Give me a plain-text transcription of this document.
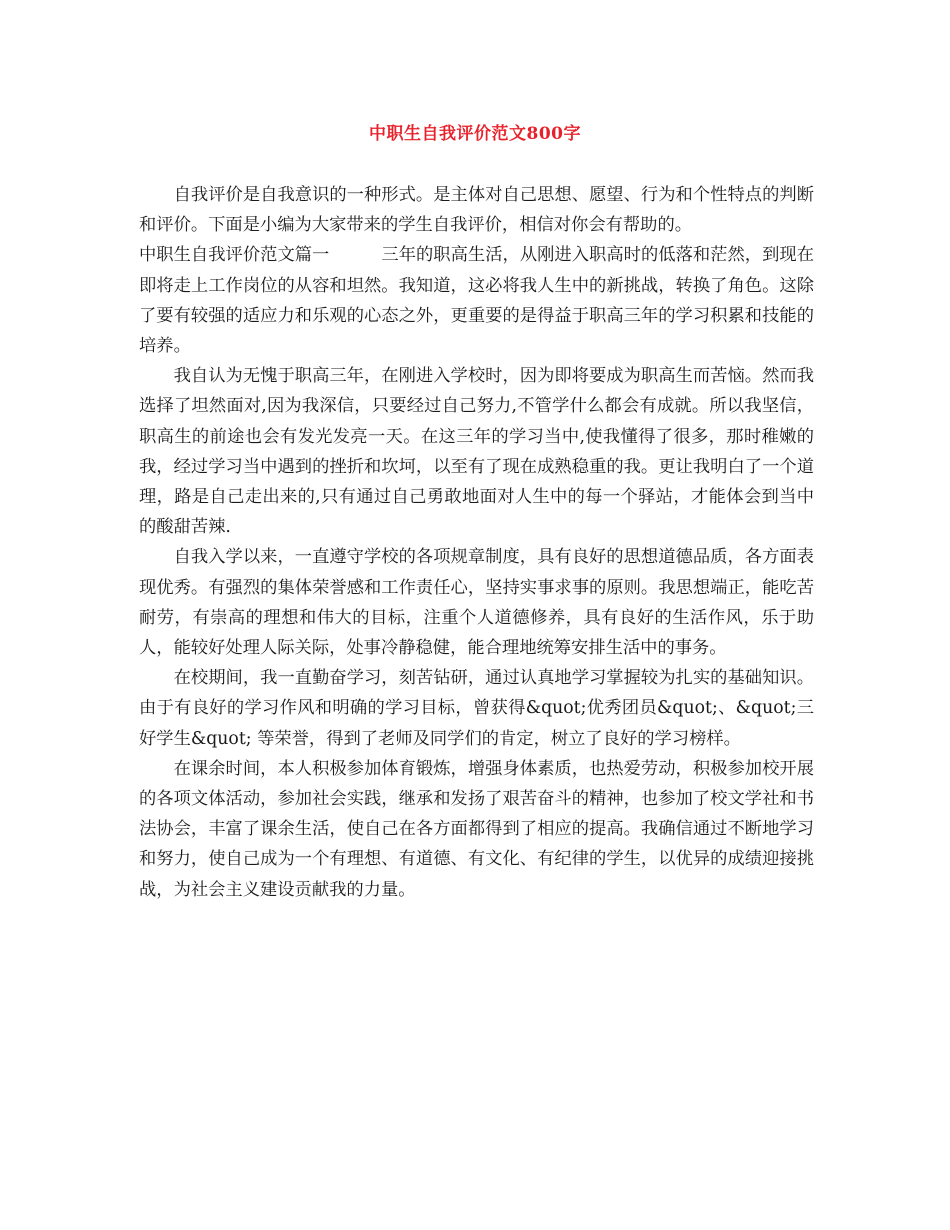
中职生自我评价范文800字

自我评价是自我意识的一种形式。是主体对自己思想、愿望、行为和个性特点的判断和评价。下面是小编为大家带来的学生自我评价，相信对你会有帮助的。

中职生自我评价范文篇一	三年的职高生活，从刚进入职高时的低落和茫然，到现在即将走上工作岗位的从容和坦然。我知道，这必将我人生中的新挑战，转换了角色。这除了要有较强的适应力和乐观的心态之外，更重要的是得益于职高三年的学习积累和技能的培养。

我自认为无愧于职高三年，在刚进入学校时，因为即将要成为职高生而苦恼。然而我选择了坦然面对,因为我深信，只要经过自己努力,不管学什么都会有成就。所以我坚信，职高生的前途也会有发光发亮一天。在这三年的学习当中,使我懂得了很多，那时稚嫩的我，经过学习当中遇到的挫折和坎坷，以至有了现在成熟稳重的我。更让我明白了一个道理，路是自己走出来的,只有通过自己勇敢地面对人生中的每一个驿站，才能体会到当中的酸甜苦辣.

自我入学以来，一直遵守学校的各项规章制度，具有良好的思想道德品质，各方面表现优秀。有强烈的集体荣誉感和工作责任心，坚持实事求事的原则。我思想端正，能吃苦耐劳，有崇高的理想和伟大的目标，注重个人道德修养，具有良好的生活作风，乐于助人，能较好处理人际关际，处事冷静稳健，能合理地统筹安排生活中的事务。

在校期间，我一直勤奋学习，刻苦钻研，通过认真地学习掌握较为扎实的基础知识。由于有良好的学习作风和明确的学习目标，曾获得&quot;优秀团员&quot;、&quot;三好学生&quot; 等荣誉，得到了老师及同学们的肯定，树立了良好的学习榜样。

在课余时间，本人积极参加体育锻炼，增强身体素质，也热爱劳动，积极参加校开展的各项文体活动，参加社会实践，继承和发扬了艰苦奋斗的精神，也参加了校文学社和书法协会，丰富了课余生活，使自己在各方面都得到了相应的提高。我确信通过不断地学习和努力，使自己成为一个有理想、有道德、有文化、有纪律的学生，以优异的成绩迎接挑战，为社会主义建设贡献我的力量。
